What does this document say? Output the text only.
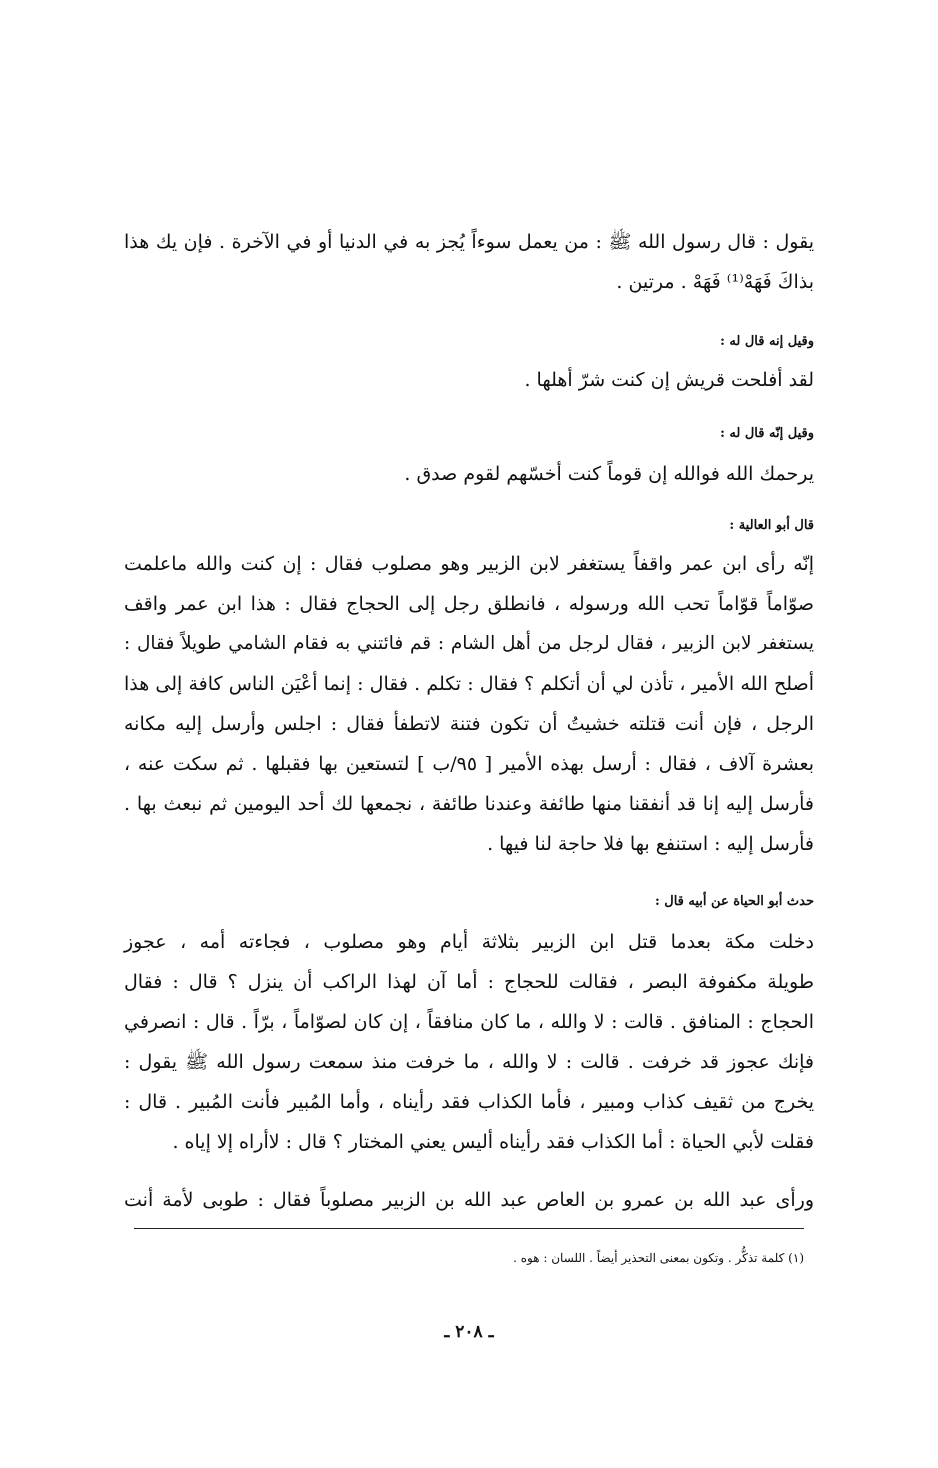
يقول : قال رسول الله ﷺ : من يعمل سوءاً يُجز به في الدنيا أو في الآخرة . فإن يك هذا
بذاكَ فَهَهْ⁽¹⁾ فَهَهْ . مرتين .
وقيل إنه قال له :
لقد أفلحت قريش إن كنت شرّ أهلها .
وقيل إنّه قال له :
يرحمك الله فوالله إن قوماً كنت أخسّهم لقوم صدق .
قال أبو العالية :
إنّه رأى ابن عمر واقفاً يستغفر لابن الزبير وهو مصلوب فقال : إن كنت والله ماعلمت
صوّاماً قوّاماً تحب الله ورسوله ، فانطلق رجل إلى الحجاج فقال : هذا ابن عمر واقف
يستغفر لابن الزبير ، فقال لرجل من أهل الشام : قم فائتني به فقام الشامي طويلاً فقال :
أصلح الله الأمير ، تأذن لي أن أتكلم ؟ فقال : تكلم . فقال : إنما أعْيَن الناس كافة إلى هذا
الرجل ، فإن أنت قتلته خشيتُ أن تكون فتنة لاتطفأ فقال : اجلس وأرسل إليه مكانه
بعشرة آلاف ، فقال : أرسل بهذه الأمير [ ٩٥/ب ] لتستعين بها فقبلها . ثم سكت عنه ،
فأرسل إليه إنا قد أنفقنا منها طائفة وعندنا طائفة ، نجمعها لك أحد اليومين ثم نبعث بها .
فأرسل إليه : استنفع بها فلا حاجة لنا فيها .
حدث أبو الحياة عن أبيه قال :
دخلت مكة بعدما قتل ابن الزبير بثلاثة أيام وهو مصلوب ، فجاءته أمه ، عجوز
طويلة مكفوفة البصر ، فقالت للحجاج : أما آن لهذا الراكب أن ينزل ؟ قال : فقال
الحجاج : المنافق . قالت : لا والله ، ما كان منافقاً ، إن كان لصوّاماً ، برّاً . قال : انصرفي
فإنك عجوز قد خرفت . قالت : لا والله ، ما خرفت منذ سمعت رسول الله ﷺ يقول :
يخرج من ثقيف كذاب ومبير ، فأما الكذاب فقد رأيناه ، وأما المُبير فأنت المُبير . قال :
فقلت لأبي الحياة : أما الكذاب فقد رأيناه أليس يعني المختار ؟ قال : لاأراه إلا إياه .
ورأى عبد الله بن عمرو بن العاص عبد الله بن الزبير مصلوباً فقال : طوبى لأمة أنت
(١) كلمة تذكُّر . وتكون بمعنى التحذير أيضاً . اللسان : هوه .
ـ ٢٠٨ ـ
